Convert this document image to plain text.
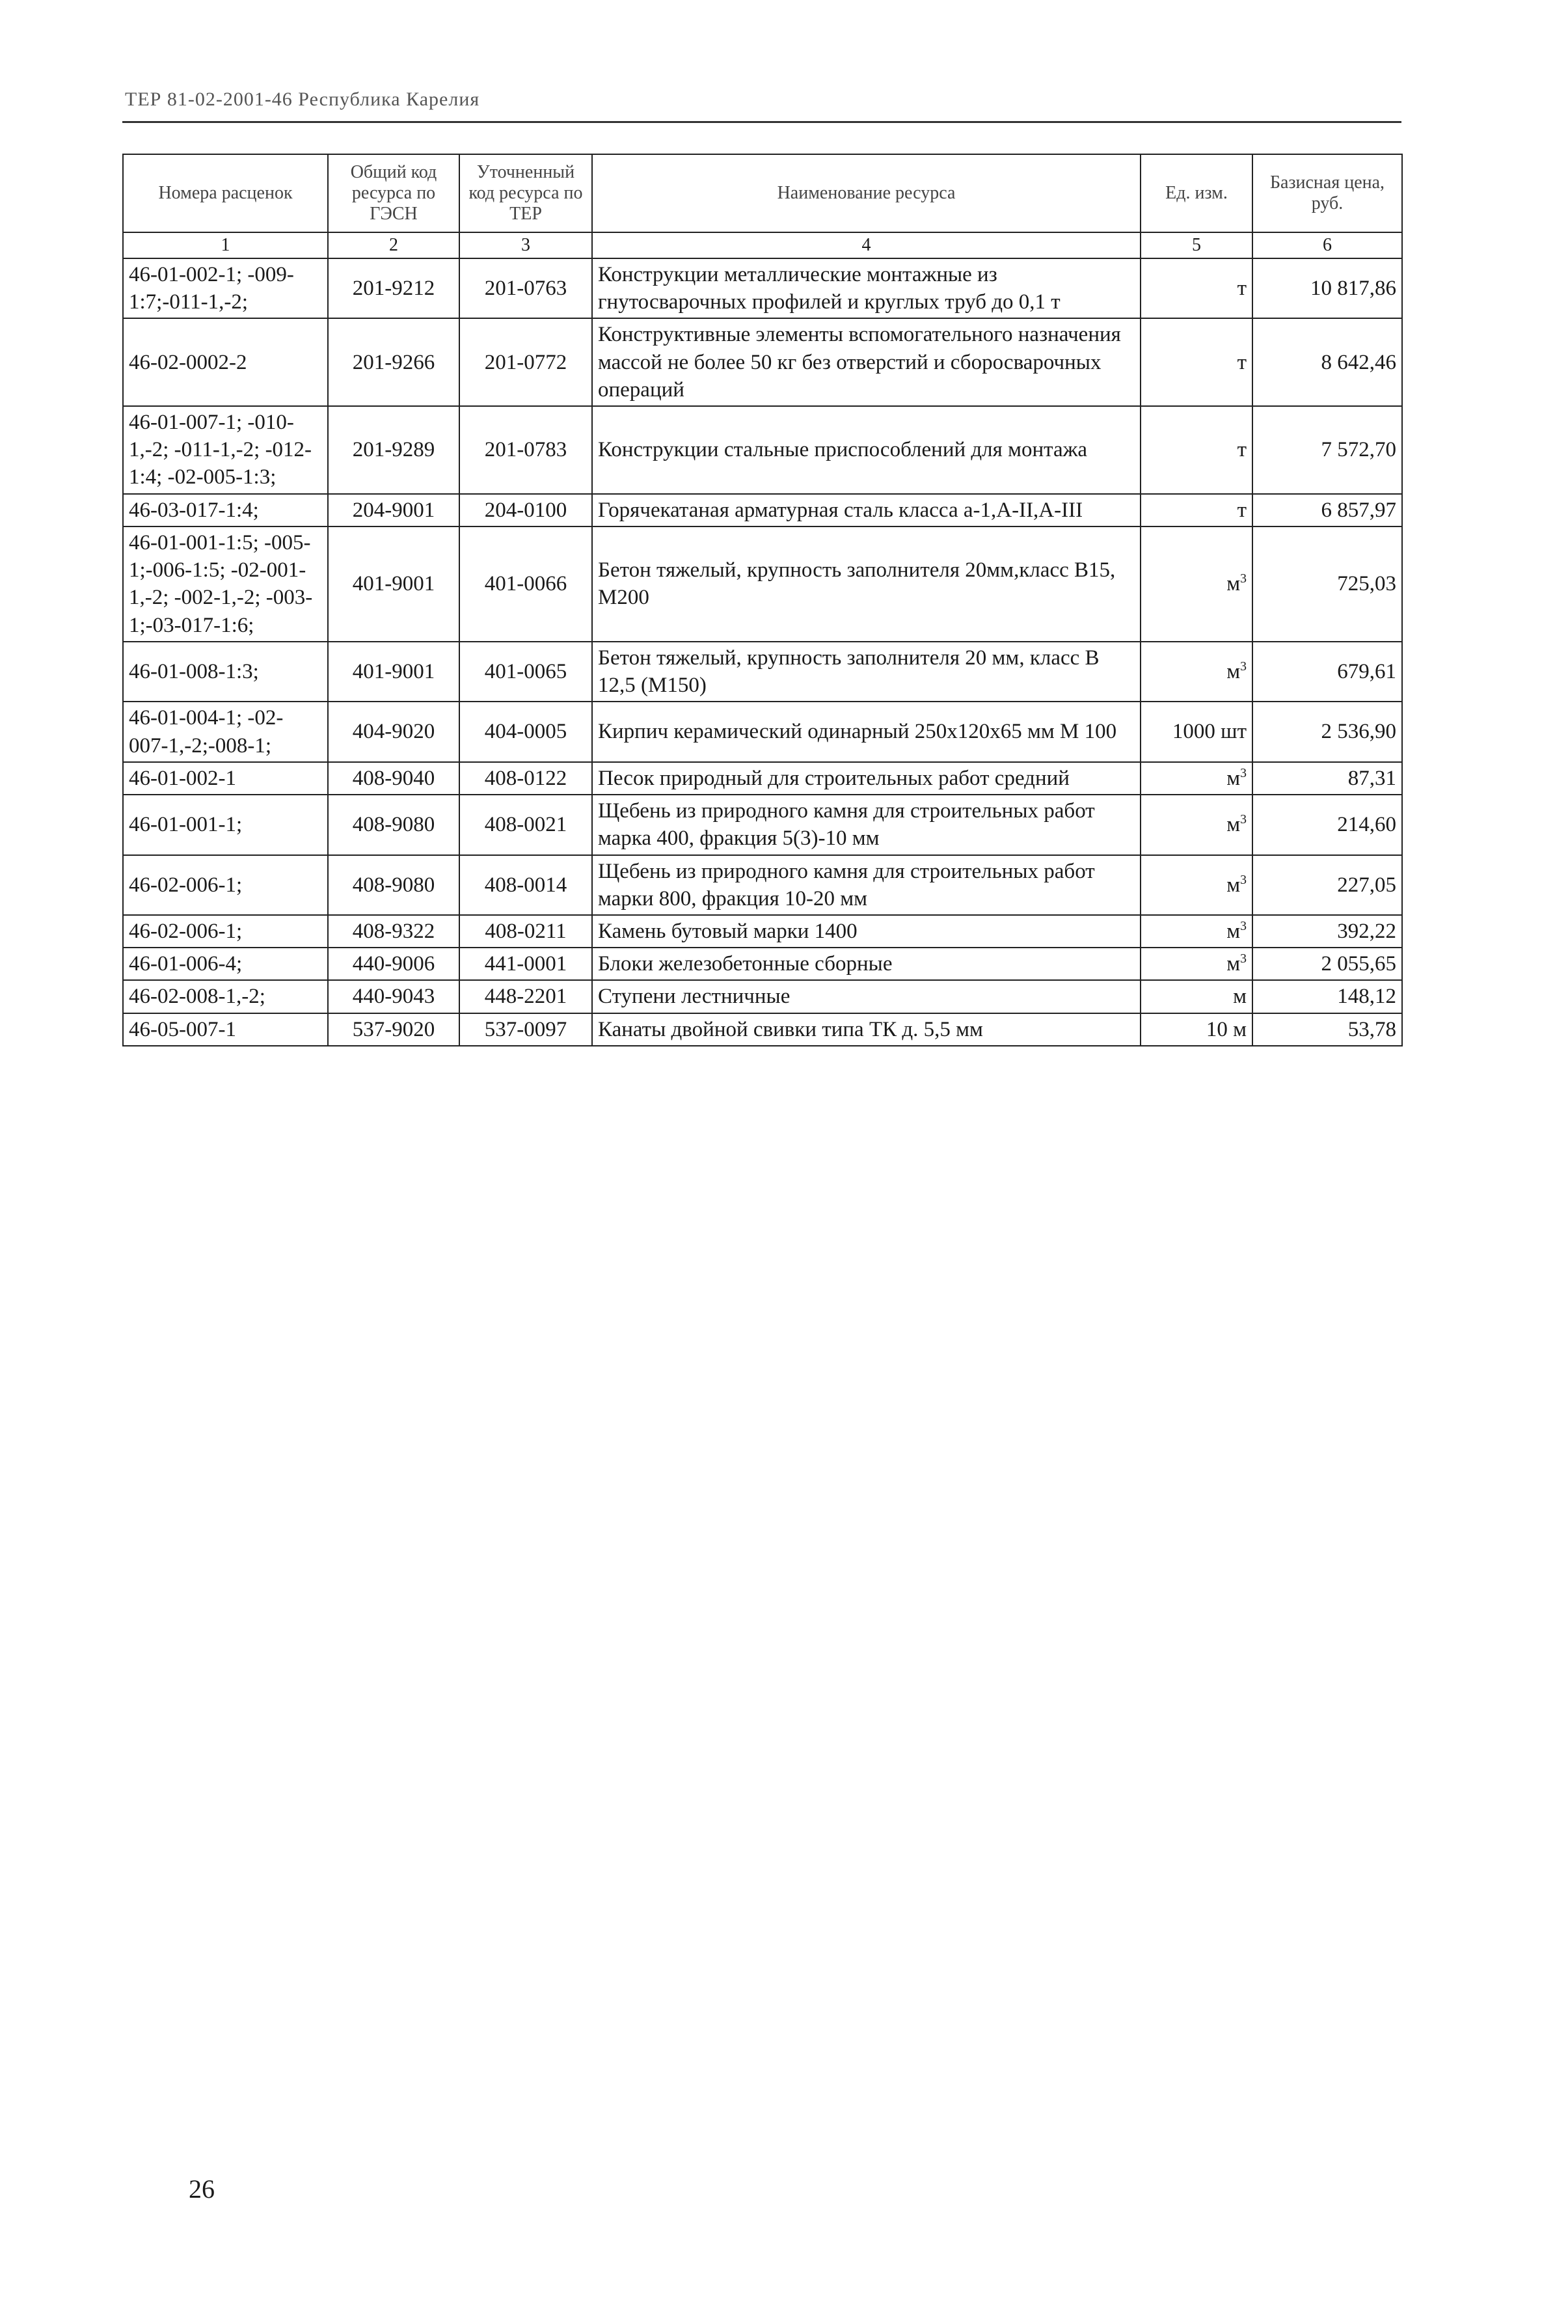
ТЕР 81-02-2001-46 Республика Карелия
Номера расценок	Общий код ресурса по ГЭСН	Уточненный код ресурса по ТЕР	Наименование ресурса	Ед. изм.	Базисная цена, руб.
1	2	3	4	5	6
46-01-002-1; -009-1:7;-011-1,-2;	201-9212	201-0763	Конструкции металлические монтажные из гнутосварочных профилей и круглых труб до 0,1 т	т	10 817,86
46-02-0002-2	201-9266	201-0772	Конструктивные элементы вспомогательного назначения массой не более 50 кг без отверстий и сборосварочных операций	т	8 642,46
46-01-007-1; -010-1,-2; -011-1,-2; -012-1:4; -02-005-1:3;	201-9289	201-0783	Конструкции стальные приспособлений для монтажа	т	7 572,70
46-03-017-1:4;	204-9001	204-0100	Горячекатаная арматурная сталь класса а-1,А-II,А-III	т	6 857,97
46-01-001-1:5; -005-1;-006-1:5; -02-001-1,-2; -002-1,-2; -003-1;-03-017-1:6;	401-9001	401-0066	Бетон тяжелый, крупность заполнителя 20мм,класс В15, М200	$м^3$	725,03
46-01-008-1:3;	401-9001	401-0065	Бетон тяжелый, крупность заполнителя 20 мм, класс В 12,5 (М150)	$м^3$	679,61
46-01-004-1; -02-007-1,-2;-008-1;	404-9020	404-0005	Кирпич керамический одинарный 250х120х65 мм М 100	1000 шт	2 536,90
46-01-002-1	408-9040	408-0122	Песок природный для строительных работ средний	$м^3$	87,31
46-01-001-1;	408-9080	408-0021	Щебень из природного камня для строительных работ марка 400, фракция 5(3)-10 мм	$м^3$	214,60
46-02-006-1;	408-9080	408-0014	Щебень из природного камня для строительных работ марки 800, фракция 10-20 мм	$м^3$	227,05
46-02-006-1;	408-9322	408-0211	Камень бутовый марки 1400	$м^3$	392,22
46-01-006-4;	440-9006	441-0001	Блоки железобетонные сборные	$м^3$	2 055,65
46-02-008-1,-2;	440-9043	448-2201	Ступени лестничные	м	148,12
46-05-007-1	537-9020	537-0097	Канаты двойной свивки типа ТК д. 5,5 мм	10 м	53,78
26
